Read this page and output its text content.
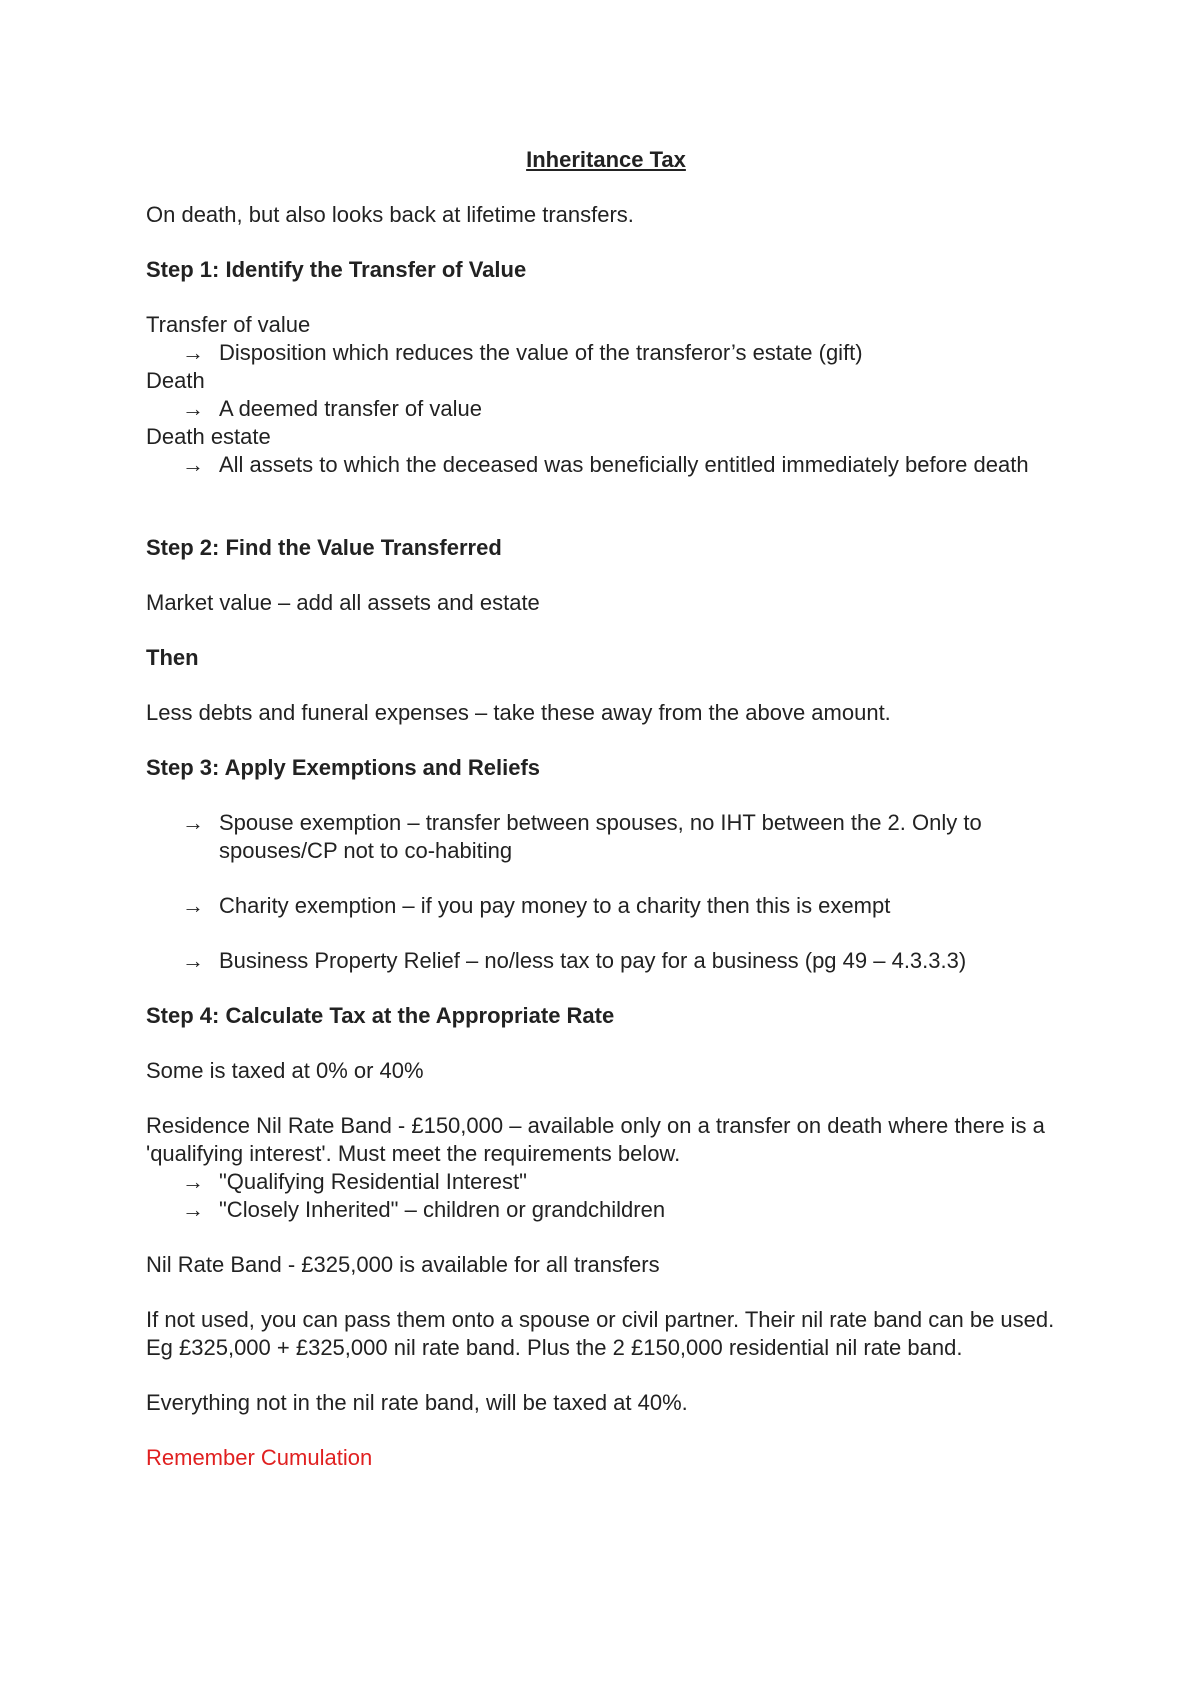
Inheritance Tax
On death, but also looks back at lifetime transfers.
Step 1: Identify the Transfer of Value
Transfer of value
→ Disposition which reduces the value of the transferor’s estate (gift)
Death
→ A deemed transfer of value
Death estate
→ All assets to which the deceased was beneficially entitled immediately before death
Step 2: Find the Value Transferred
Market value – add all assets and estate
Then
Less debts and funeral expenses – take these away from the above amount.
Step 3: Apply Exemptions and Reliefs
→ Spouse exemption – transfer between spouses, no IHT between the 2. Only to spouses/CP not to co-habiting
→ Charity exemption – if you pay money to a charity then this is exempt
→ Business Property Relief – no/less tax to pay for a business (pg 49 – 4.3.3.3)
Step 4: Calculate Tax at the Appropriate Rate
Some is taxed at 0% or 40%
Residence Nil Rate Band - £150,000 – available only on a transfer on death where there is a 'qualifying interest'. Must meet the requirements below.
→ "Qualifying Residential Interest"
→ "Closely Inherited" – children or grandchildren
Nil Rate Band - £325,000 is available for all transfers
If not used, you can pass them onto a spouse or civil partner. Their nil rate band can be used. Eg £325,000 + £325,000 nil rate band. Plus the 2 £150,000 residential nil rate band.
Everything not in the nil rate band, will be taxed at 40%.
Remember Cumulation
